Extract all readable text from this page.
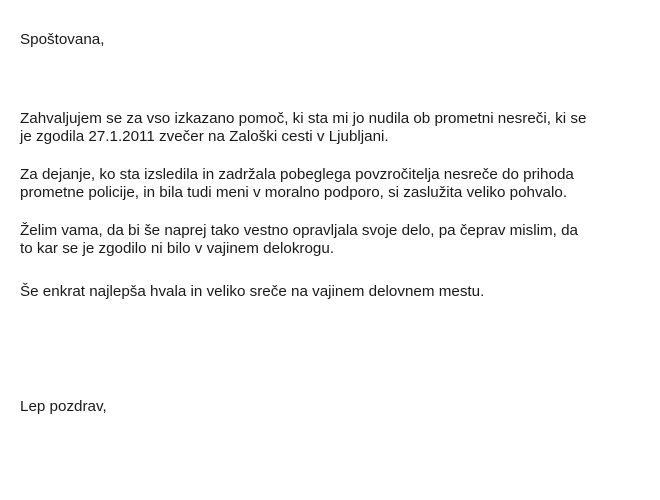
Spoštovana,
Zahvaljujem se za vso izkazano pomoč, ki sta mi jo nudila ob prometni nesreči, ki se
je zgodila 27.1.2011 zvečer na Zaloški cesti v Ljubljani.
Za dejanje, ko sta izsledila in zadržala pobeglega povzročitelja nesreče do prihoda
prometne policije, in bila tudi meni v moralno podporo, si zaslužita veliko pohvalo.
Želim vama, da bi še naprej tako vestno opravljala svoje delo, pa čeprav mislim, da
to kar se je zgodilo ni bilo v vajinem delokrogu.
Še enkrat najlepša hvala in veliko sreče na vajinem delovnem mestu.
Lep pozdrav,
